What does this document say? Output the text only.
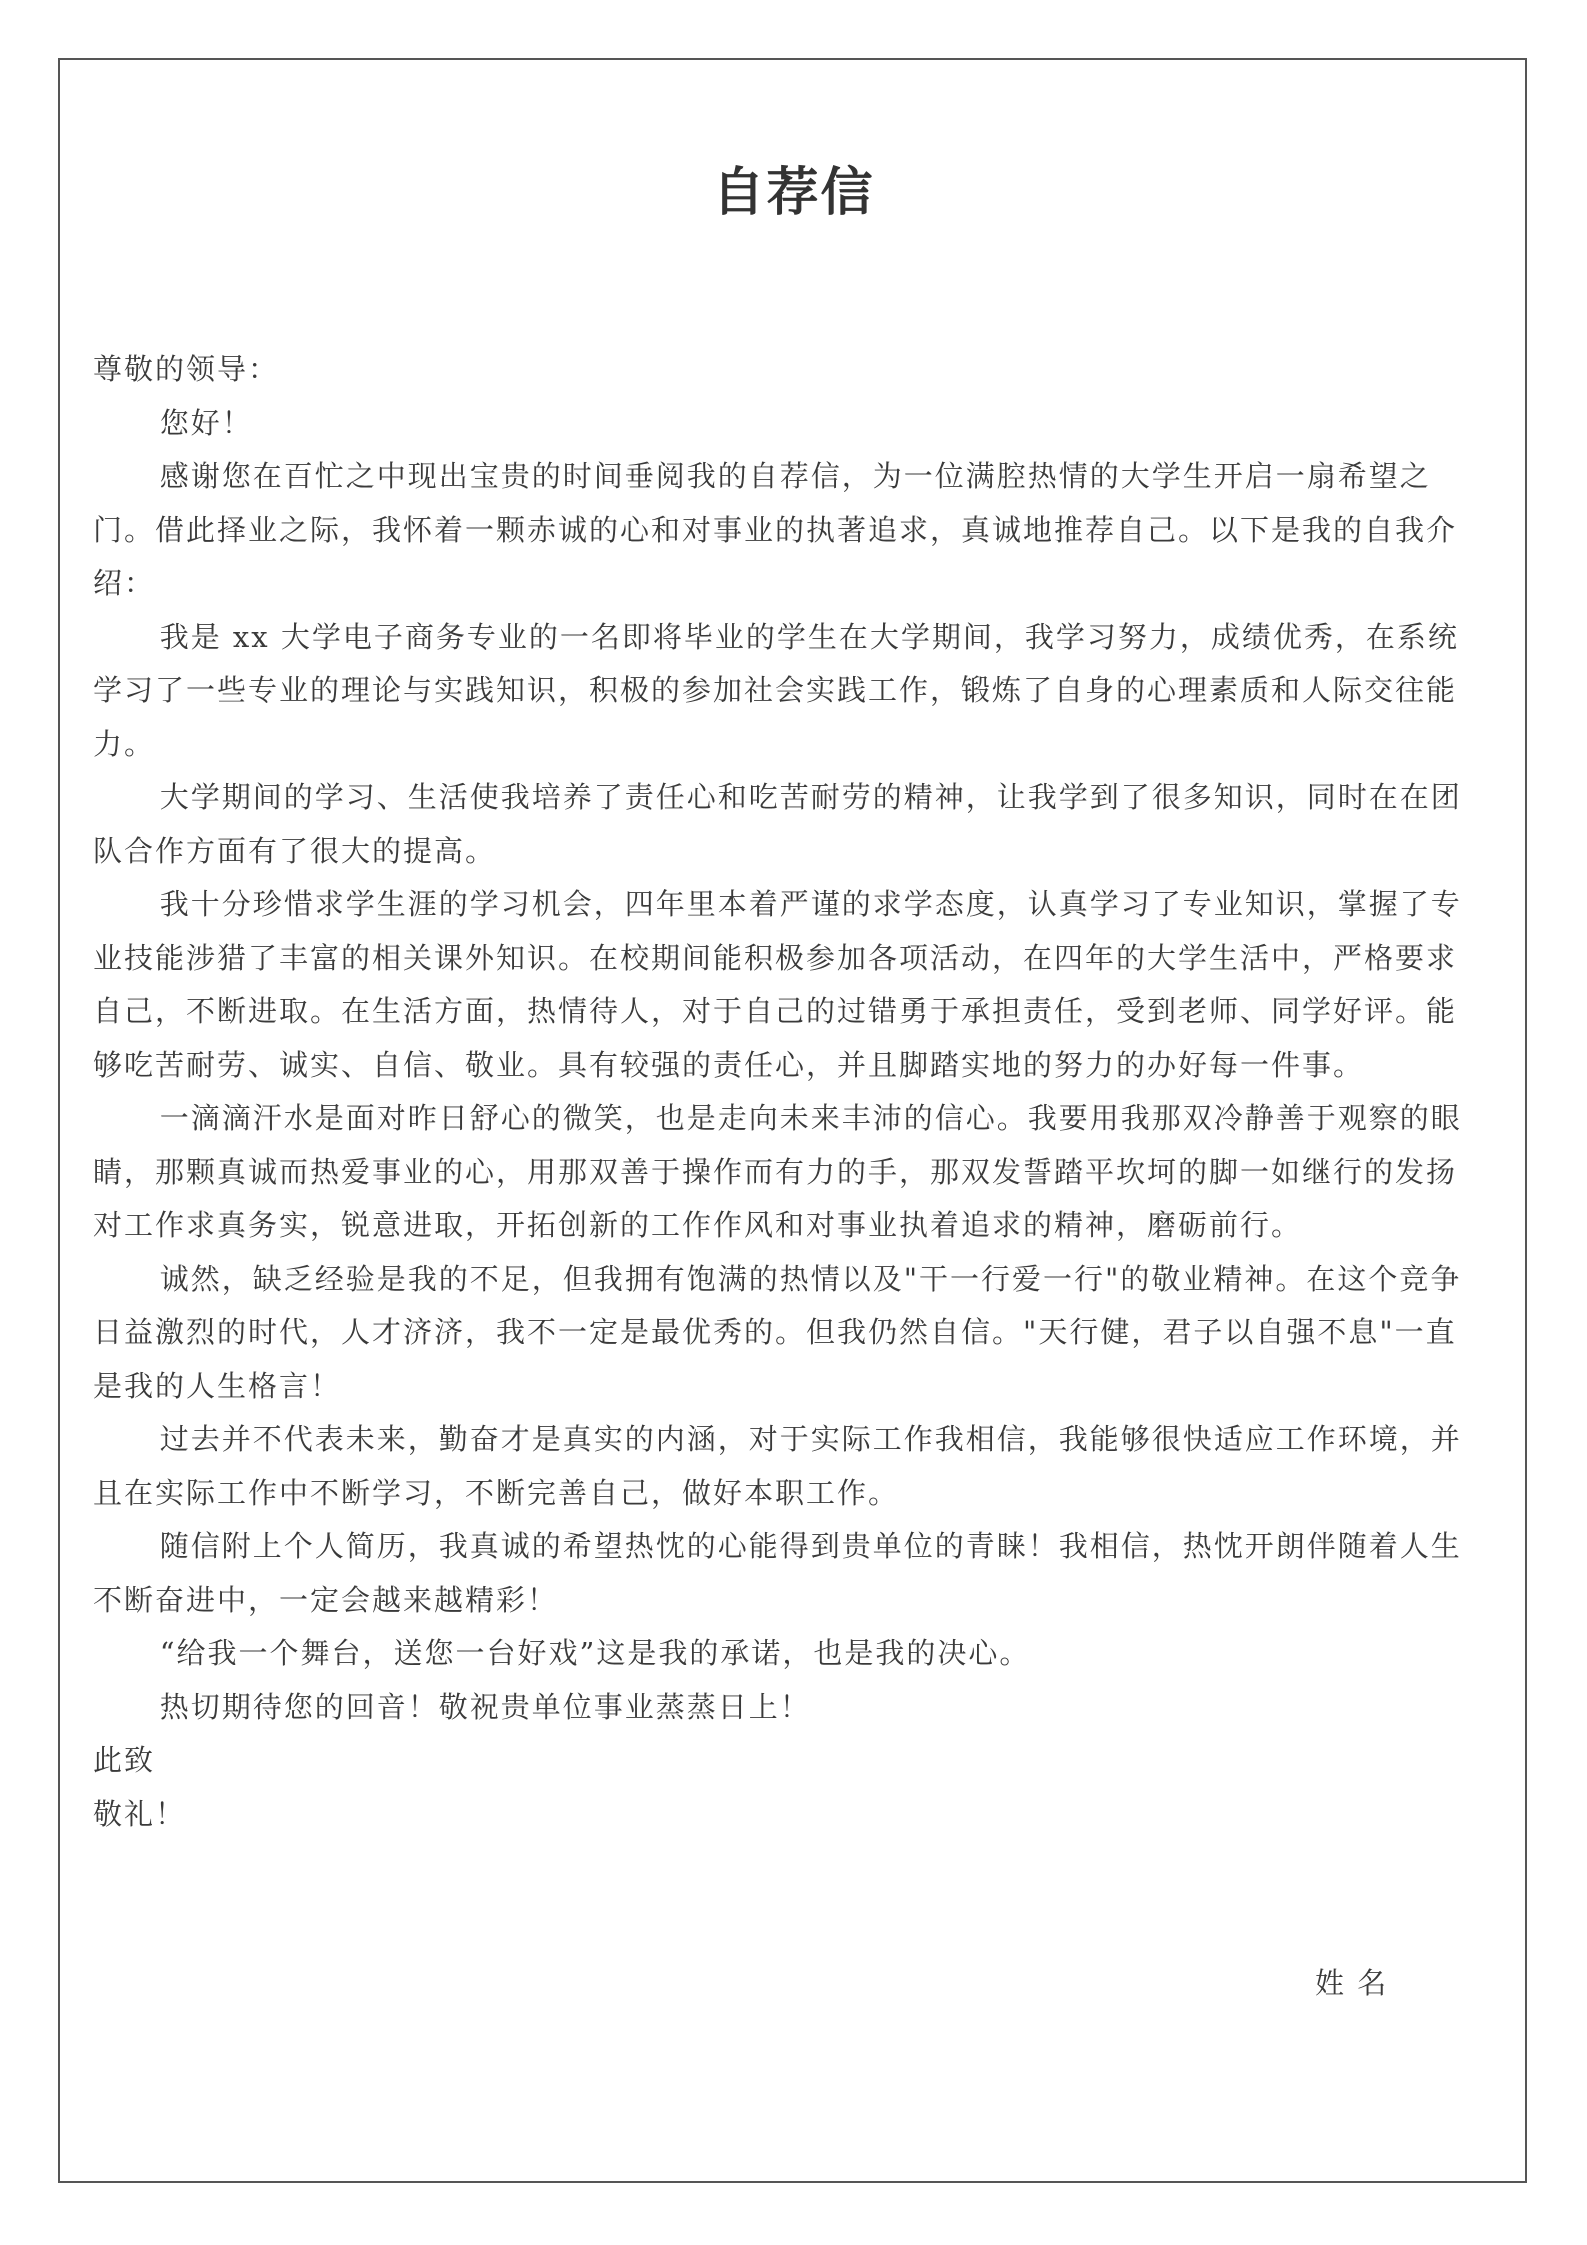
自荐信

尊敬的领导：

您好！

感谢您在百忙之中现出宝贵的时间垂阅我的自荐信，为一位满腔热情的大学生开启一扇希望之门。借此择业之际，我怀着一颗赤诚的心和对事业的执著追求，真诚地推荐自己。以下是我的自我介绍：

我是 xx 大学电子商务专业的一名即将毕业的学生在大学期间，我学习努力，成绩优秀，在系统学习了一些专业的理论与实践知识，积极的参加社会实践工作，锻炼了自身的心理素质和人际交往能力。

大学期间的学习、生活使我培养了责任心和吃苦耐劳的精神，让我学到了很多知识，同时在在团队合作方面有了很大的提高。

我十分珍惜求学生涯的学习机会，四年里本着严谨的求学态度，认真学习了专业知识，掌握了专业技能涉猎了丰富的相关课外知识。在校期间能积极参加各项活动，在四年的大学生活中，严格要求自己，不断进取。在生活方面，热情待人，对于自己的过错勇于承担责任，受到老师、同学好评。能够吃苦耐劳、诚实、自信、敬业。具有较强的责任心，并且脚踏实地的努力的办好每一件事。

一滴滴汗水是面对昨日舒心的微笑，也是走向未来丰沛的信心。我要用我那双冷静善于观察的眼睛，那颗真诚而热爱事业的心，用那双善于操作而有力的手，那双发誓踏平坎坷的脚一如继行的发扬对工作求真务实，锐意进取，开拓创新的工作作风和对事业执着追求的精神，磨砺前行。

诚然，缺乏经验是我的不足，但我拥有饱满的热情以及"干一行爱一行"的敬业精神。在这个竞争日益激烈的时代，人才济济，我不一定是最优秀的。但我仍然自信。"天行健，君子以自强不息"一直是我的人生格言！

过去并不代表未来，勤奋才是真实的内涵，对于实际工作我相信，我能够很快适应工作环境，并且在实际工作中不断学习，不断完善自己，做好本职工作。

随信附上个人简历，我真诚的希望热忱的心能得到贵单位的青睐！我相信，热忱开朗伴随着人生不断奋进中，一定会越来越精彩！

“给我一个舞台，送您一台好戏”这是我的承诺，也是我的决心。

热切期待您的回音！敬祝贵单位事业蒸蒸日上！

此致

敬礼！

姓 名
